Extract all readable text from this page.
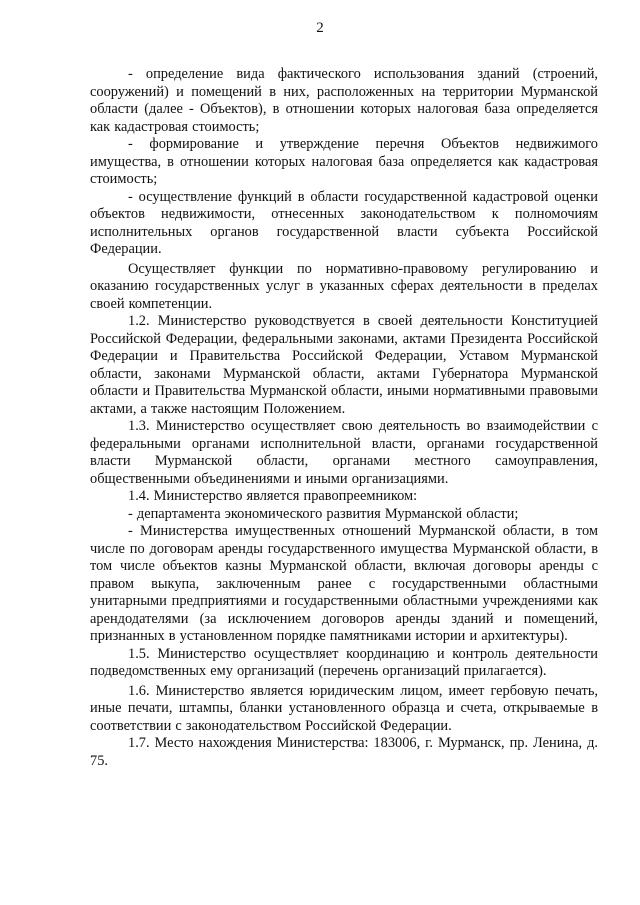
2

- определение вида фактического использования зданий (строений, сооружений) и помещений в них, расположенных на территории Мурманской области (далее - Объектов), в отношении которых налоговая база определяется как кадастровая стоимость;

- формирование и утверждение перечня Объектов недвижимого имущества, в отношении которых налоговая база определяется как кадастровая стоимость;

- осуществление функций в области государственной кадастровой оценки объектов недвижимости, отнесенных законодательством к полномочиям исполнительных органов государственной власти субъекта Российской Федерации.

Осуществляет функции по нормативно-правовому регулированию и оказанию государственных услуг в указанных сферах деятельности в пределах своей компетенции.

1.2. Министерство руководствуется в своей деятельности Конституцией Российской Федерации, федеральными законами, актами Президента Российской Федерации и Правительства Российской Федерации, Уставом Мурманской области, законами Мурманской области, актами Губернатора Мурманской области и Правительства Мурманской области, иными нормативными правовыми актами, а также настоящим Положением.

1.3. Министерство осуществляет свою деятельность во взаимодействии с федеральными органами исполнительной власти, органами государственной власти Мурманской области, органами местного самоуправления, общественными объединениями и иными организациями.

1.4. Министерство является правопреемником:

- департамента экономического развития Мурманской области;

- Министерства имущественных отношений Мурманской области, в том числе по договорам аренды государственного имущества Мурманской области, в том числе объектов казны Мурманской области, включая договоры аренды с правом выкупа, заключенным ранее с государственными областными унитарными предприятиями и государственными областными учреждениями как арендодателями (за исключением договоров аренды зданий и помещений, признанных в установленном порядке памятниками истории и архитектуры).

1.5. Министерство осуществляет координацию и контроль деятельности подведомственных ему организаций (перечень организаций прилагается).

1.6. Министерство является юридическим лицом, имеет гербовую печать, иные печати, штампы, бланки установленного образца и счета, открываемые в соответствии с законодательством Российской Федерации.

1.7. Место нахождения Министерства: 183006, г. Мурманск, пр. Ленина, д. 75.
